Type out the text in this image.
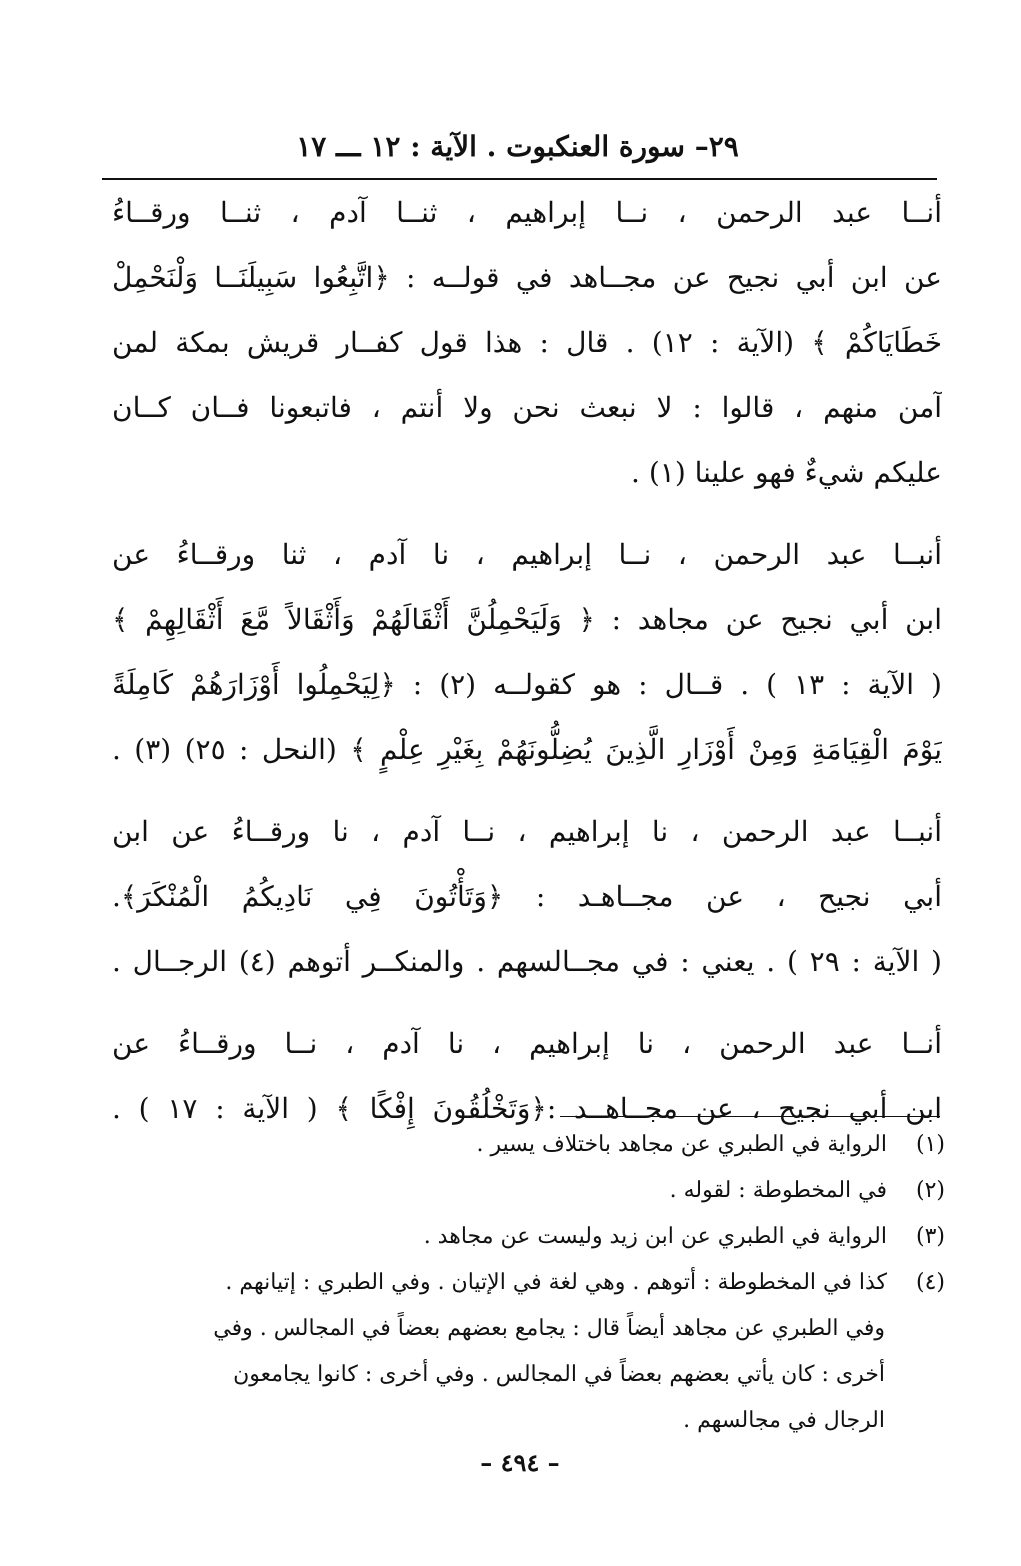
٢٩– سورة العنكبوت . الآية : ١٢ ـــ ١٧
أنــا عبد الرحمن ، نــا إبراهيم ، ثنــا آدم ، ثنــا ورقــاءُ
عن ابن أبي نجيح عن مجــاهد في قولــه : ﴿اتَّبِعُوا سَبِيلَنَــا وَلْنَحْمِلْ
خَطَايَاكُمْ ﴾ (الآية : ١٢) . قال : هذا قول كفــار قريش بمكة لمن
آمن منهم ، قالوا : لا نبعث نحن ولا أنتم ، فاتبعونا فــان كــان
عليكم شيءٌ فهو علينا (١) .
أنبــا عبد الرحمن ، نــا إبراهيم ، نا آدم ، ثنا ورقــاءُ عن
ابن أبي نجيح عن مجاهد : ﴿ وَلَيَحْمِلُنَّ أَثْقَالَهُمْ وَأَثْقَالاً مَّعَ أَثْقَالِهِمْ ﴾
( الآية : ١٣ ) . قــال : هو كقولــه (٢) : ﴿لِيَحْمِلُوا أَوْزَارَهُمْ كَامِلَةً
يَوْمَ الْقِيَامَةِ وَمِنْ أَوْزَارِ الَّذِينَ يُضِلُّونَهُمْ بِغَيْرِ عِلْمٍ ﴾ (النحل : ٢٥) (٣) .
أنبــا عبد الرحمن ، نا إبراهيم ، نــا آدم ، نا ورقــاءُ عن ابن
أبي نجيح ، عن مجــاهـد : ﴿وَتَأْتُونَ فِي نَادِيكُمُ الْمُنْكَرَ﴾.
( الآية : ٢٩ ) . يعني : في مجــالسهم . والمنكــر أتوهم (٤) الرجــال .
أنــا عبد الرحمن ، نا إبراهيم ، نا آدم ، نــا ورقــاءُ عن
ابن أبي نجيح ، عن مجــاهــد :﴿وَتَخْلُقُونَ إِفْكًا ﴾ ( الآية : ١٧ ) .
(١)الرواية في الطبري عن مجاهد باختلاف يسير .
(٢)في المخطوطة : لقوله .
(٣)الرواية في الطبري عن ابن زيد وليست عن مجاهد .
(٤)كذا في المخطوطة : أتوهم . وهي لغة في الإتيان . وفي الطبري : إتيانهم .
وفي الطبري عن مجاهد أيضاً قال : يجامع بعضهم بعضاً في المجالس . وفي
أخرى : كان يأتي بعضهم بعضاً في المجالس . وفي أخرى : كانوا يجامعون
الرجال في مجالسهم .
– ٤٩٤ –
